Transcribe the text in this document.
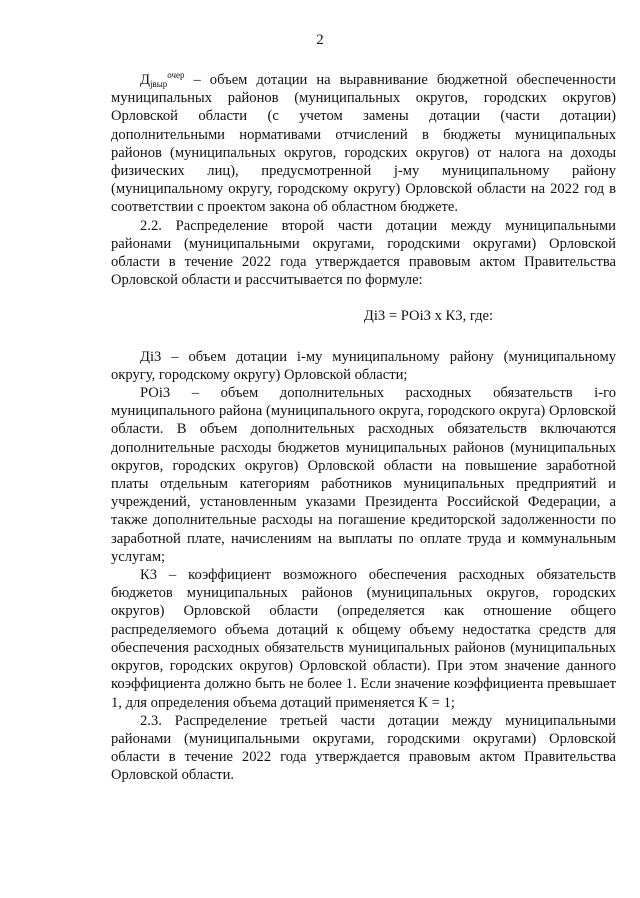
2

$Д_{jвыр}^{очер}$ – объем дотации на выравнивание бюджетной обеспеченности муниципальных районов (муниципальных округов, городских округов) Орловской области (с учетом замены дотации (части дотации) дополнительными нормативами отчислений в бюджеты муниципальных районов (муниципальных округов, городских округов) от налога на доходы физических лиц), предусмотренной j-му муниципальному району (муниципальному округу, городскому округу) Орловской области на 2022 год в соответствии с проектом закона об областном бюджете.

2.2. Распределение второй части дотации между муниципальными районами (муниципальными округами, городскими округами) Орловской области в течение 2022 года утверждается правовым актом Правительства Орловской области и рассчитывается по формуле:

Дi3 = РОi3 х К3, где:

Дi3 – объем дотации i-му муниципальному району (муниципальному округу, городскому округу) Орловской области;

РОi3 – объем дополнительных расходных обязательств i-го муниципального района (муниципального округа, городского округа) Орловской области. В объем дополнительных расходных обязательств включаются дополнительные расходы бюджетов муниципальных районов (муниципальных округов, городских округов) Орловской области на повышение заработной платы отдельным категориям работников муниципальных предприятий и учреждений, установленным указами Президента Российской Федерации, а также дополнительные расходы на погашение кредиторской задолженности по заработной плате, начислениям на выплаты по оплате труда и коммунальным услугам;

К3 – коэффициент возможного обеспечения расходных обязательств бюджетов муниципальных районов (муниципальных округов, городских округов) Орловской области (определяется как отношение общего распределяемого объема дотаций к общему объему недостатка средств для обеспечения расходных обязательств муниципальных районов (муниципальных округов, городских округов) Орловской области). При этом значение данного коэффициента должно быть не более 1. Если значение коэффициента превышает 1, для определения объема дотаций применяется К = 1;

2.3. Распределение третьей части дотации между муниципальными районами (муниципальными округами, городскими округами) Орловской области в течение 2022 года утверждается правовым актом Правительства Орловской области.
